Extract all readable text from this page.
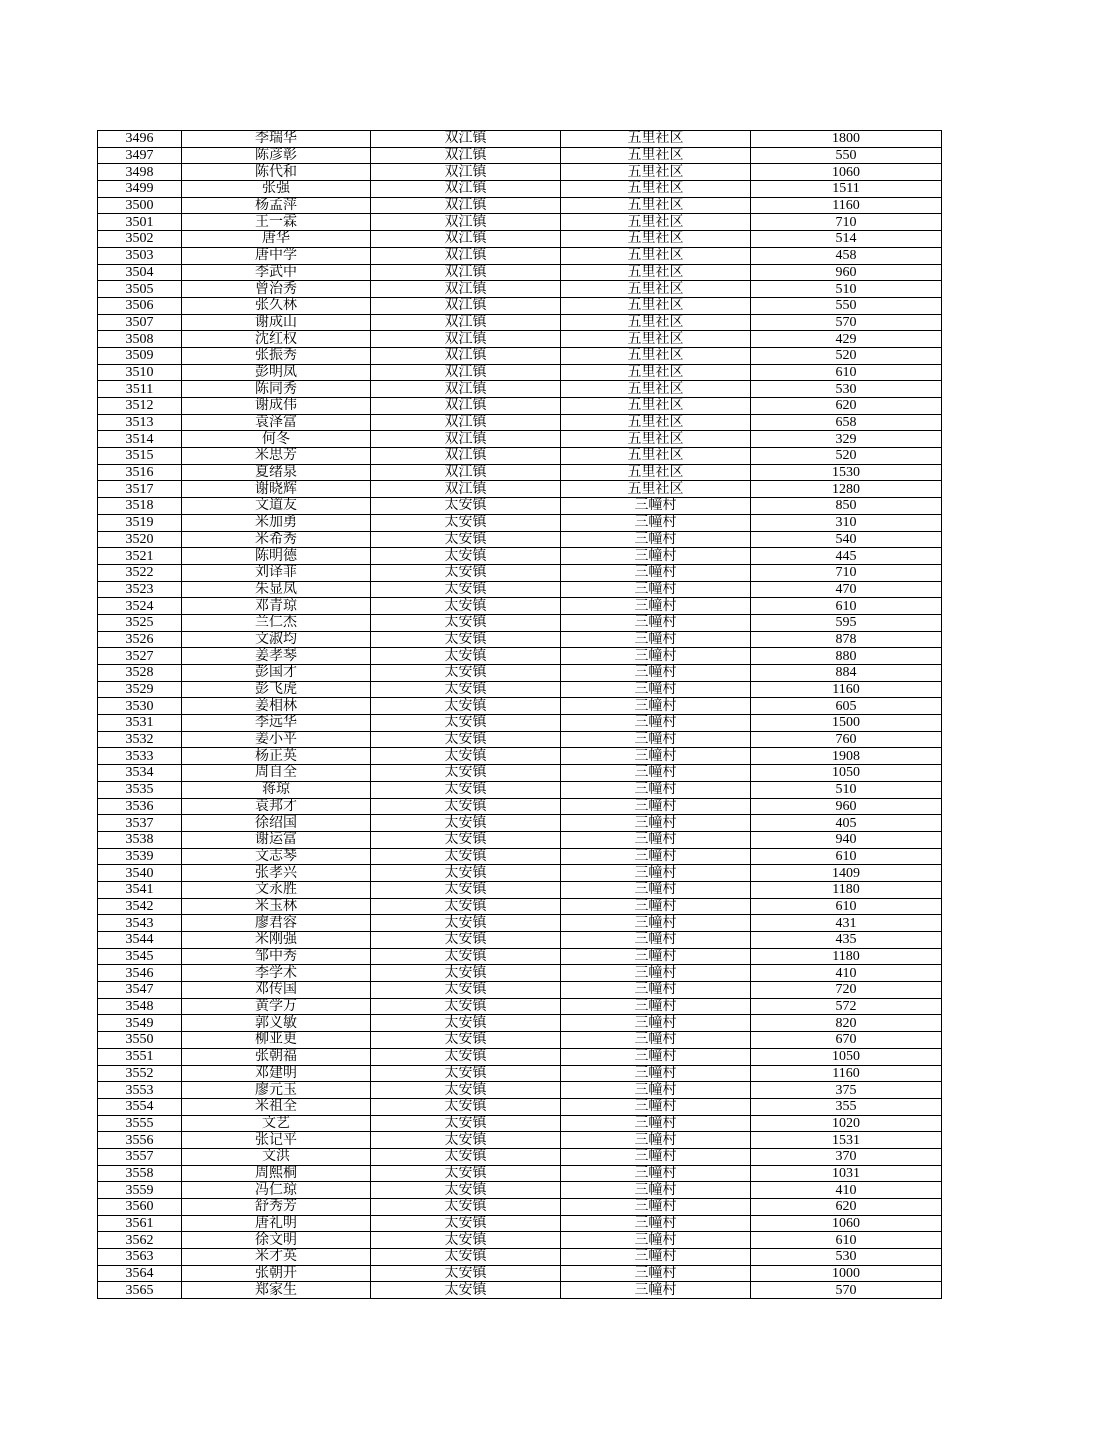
3496	李瑞华	双江镇	五里社区	1800
3497	陈彦彰	双江镇	五里社区	550
3498	陈代和	双江镇	五里社区	1060
3499	张强	双江镇	五里社区	1511
3500	杨孟萍	双江镇	五里社区	1160
3501	王一霖	双江镇	五里社区	710
3502	唐华	双江镇	五里社区	514
3503	唐中学	双江镇	五里社区	458
3504	李武中	双江镇	五里社区	960
3505	曾治秀	双江镇	五里社区	510
3506	张久林	双江镇	五里社区	550
3507	谢成山	双江镇	五里社区	570
3508	沈红权	双江镇	五里社区	429
3509	张振秀	双江镇	五里社区	520
3510	彭明凤	双江镇	五里社区	610
3511	陈同秀	双江镇	五里社区	530
3512	谢成伟	双江镇	五里社区	620
3513	袁泽富	双江镇	五里社区	658
3514	何冬	双江镇	五里社区	329
3515	米思芳	双江镇	五里社区	520
3516	夏绪泉	双江镇	五里社区	1530
3517	谢晓辉	双江镇	五里社区	1280
3518	文道友	太安镇	三幢村	850
3519	米加勇	太安镇	三幢村	310
3520	米希秀	太安镇	三幢村	540
3521	陈明德	太安镇	三幢村	445
3522	刘译菲	太安镇	三幢村	710
3523	朱显凤	太安镇	三幢村	470
3524	邓青琼	太安镇	三幢村	610
3525	兰仁杰	太安镇	三幢村	595
3526	文淑均	太安镇	三幢村	878
3527	姜孝琴	太安镇	三幢村	880
3528	彭国才	太安镇	三幢村	884
3529	彭飞虎	太安镇	三幢村	1160
3530	姜相林	太安镇	三幢村	605
3531	李远华	太安镇	三幢村	1500
3532	姜小平	太安镇	三幢村	760
3533	杨正英	太安镇	三幢村	1908
3534	周自全	太安镇	三幢村	1050
3535	蒋琼	太安镇	三幢村	510
3536	袁邦才	太安镇	三幢村	960
3537	徐绍国	太安镇	三幢村	405
3538	谢运富	太安镇	三幢村	940
3539	文志琴	太安镇	三幢村	610
3540	张孝兴	太安镇	三幢村	1409
3541	文永胜	太安镇	三幢村	1180
3542	米玉林	太安镇	三幢村	610
3543	廖君容	太安镇	三幢村	431
3544	米刚强	太安镇	三幢村	435
3545	邹中秀	太安镇	三幢村	1180
3546	李学术	太安镇	三幢村	410
3547	邓传国	太安镇	三幢村	720
3548	黄学万	太安镇	三幢村	572
3549	郭义敏	太安镇	三幢村	820
3550	柳亚更	太安镇	三幢村	670
3551	张朝福	太安镇	三幢村	1050
3552	邓建明	太安镇	三幢村	1160
3553	廖元玉	太安镇	三幢村	375
3554	米祖全	太安镇	三幢村	355
3555	文艺	太安镇	三幢村	1020
3556	张记平	太安镇	三幢村	1531
3557	文洪	太安镇	三幢村	370
3558	周熙桐	太安镇	三幢村	1031
3559	冯仁琼	太安镇	三幢村	410
3560	舒秀芳	太安镇	三幢村	620
3561	唐礼明	太安镇	三幢村	1060
3562	徐文明	太安镇	三幢村	610
3563	米才英	太安镇	三幢村	530
3564	张朝开	太安镇	三幢村	1000
3565	郑家生	太安镇	三幢村	570
